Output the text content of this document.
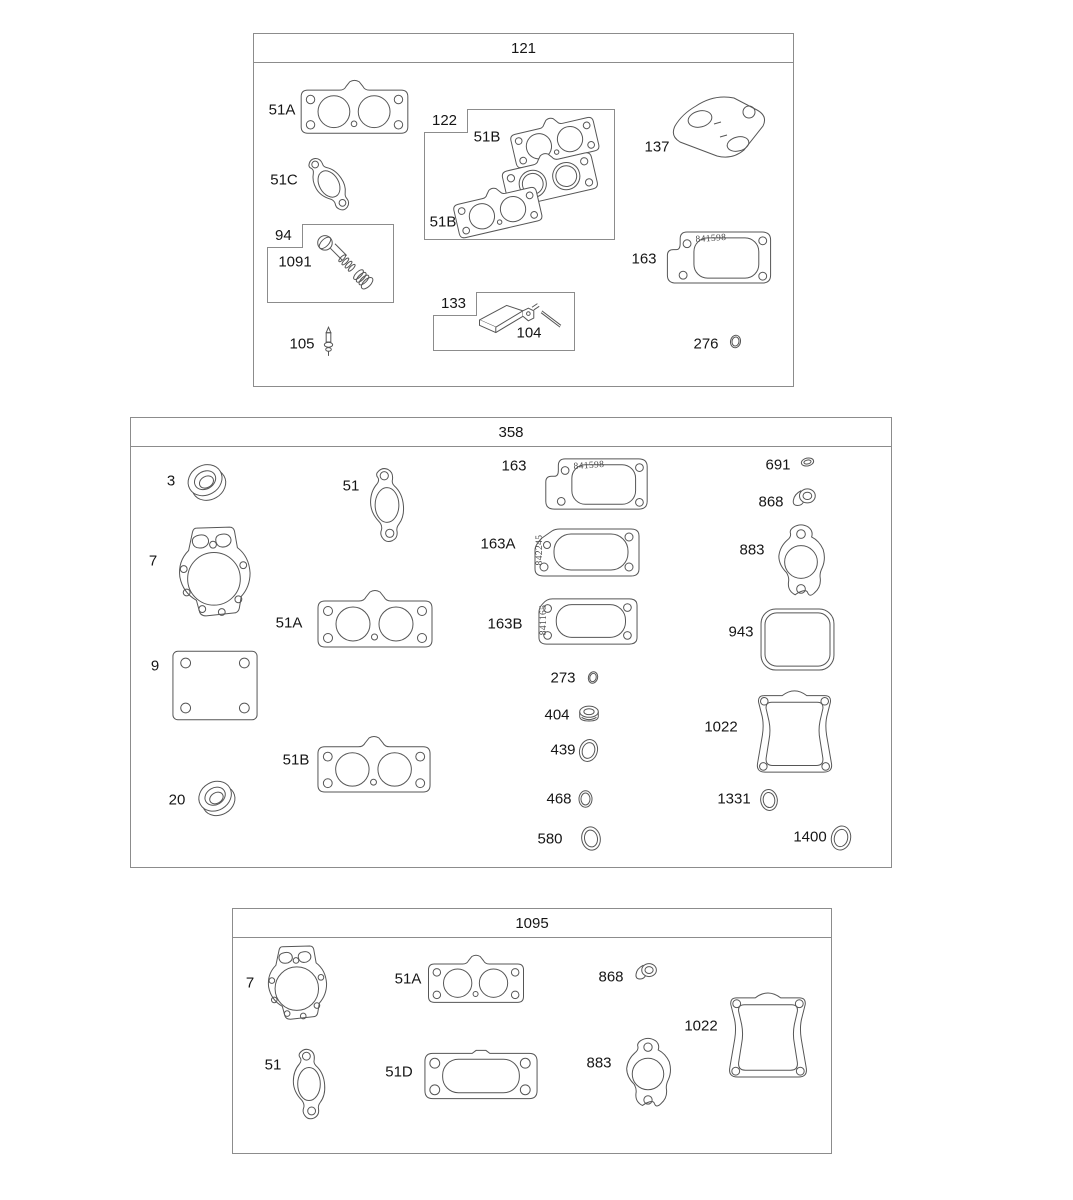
121
51A
51C
122
51B
51B
137
94
1091
105
133
104
163
841598
276
358
3	51
163	841598	691
868
7
163A 842245	883
51A	163B 841165	943
9
273
404
1022
439
51B
468	1331
20
580	1400
1095
7	51A	868
1022
51	51D
883
